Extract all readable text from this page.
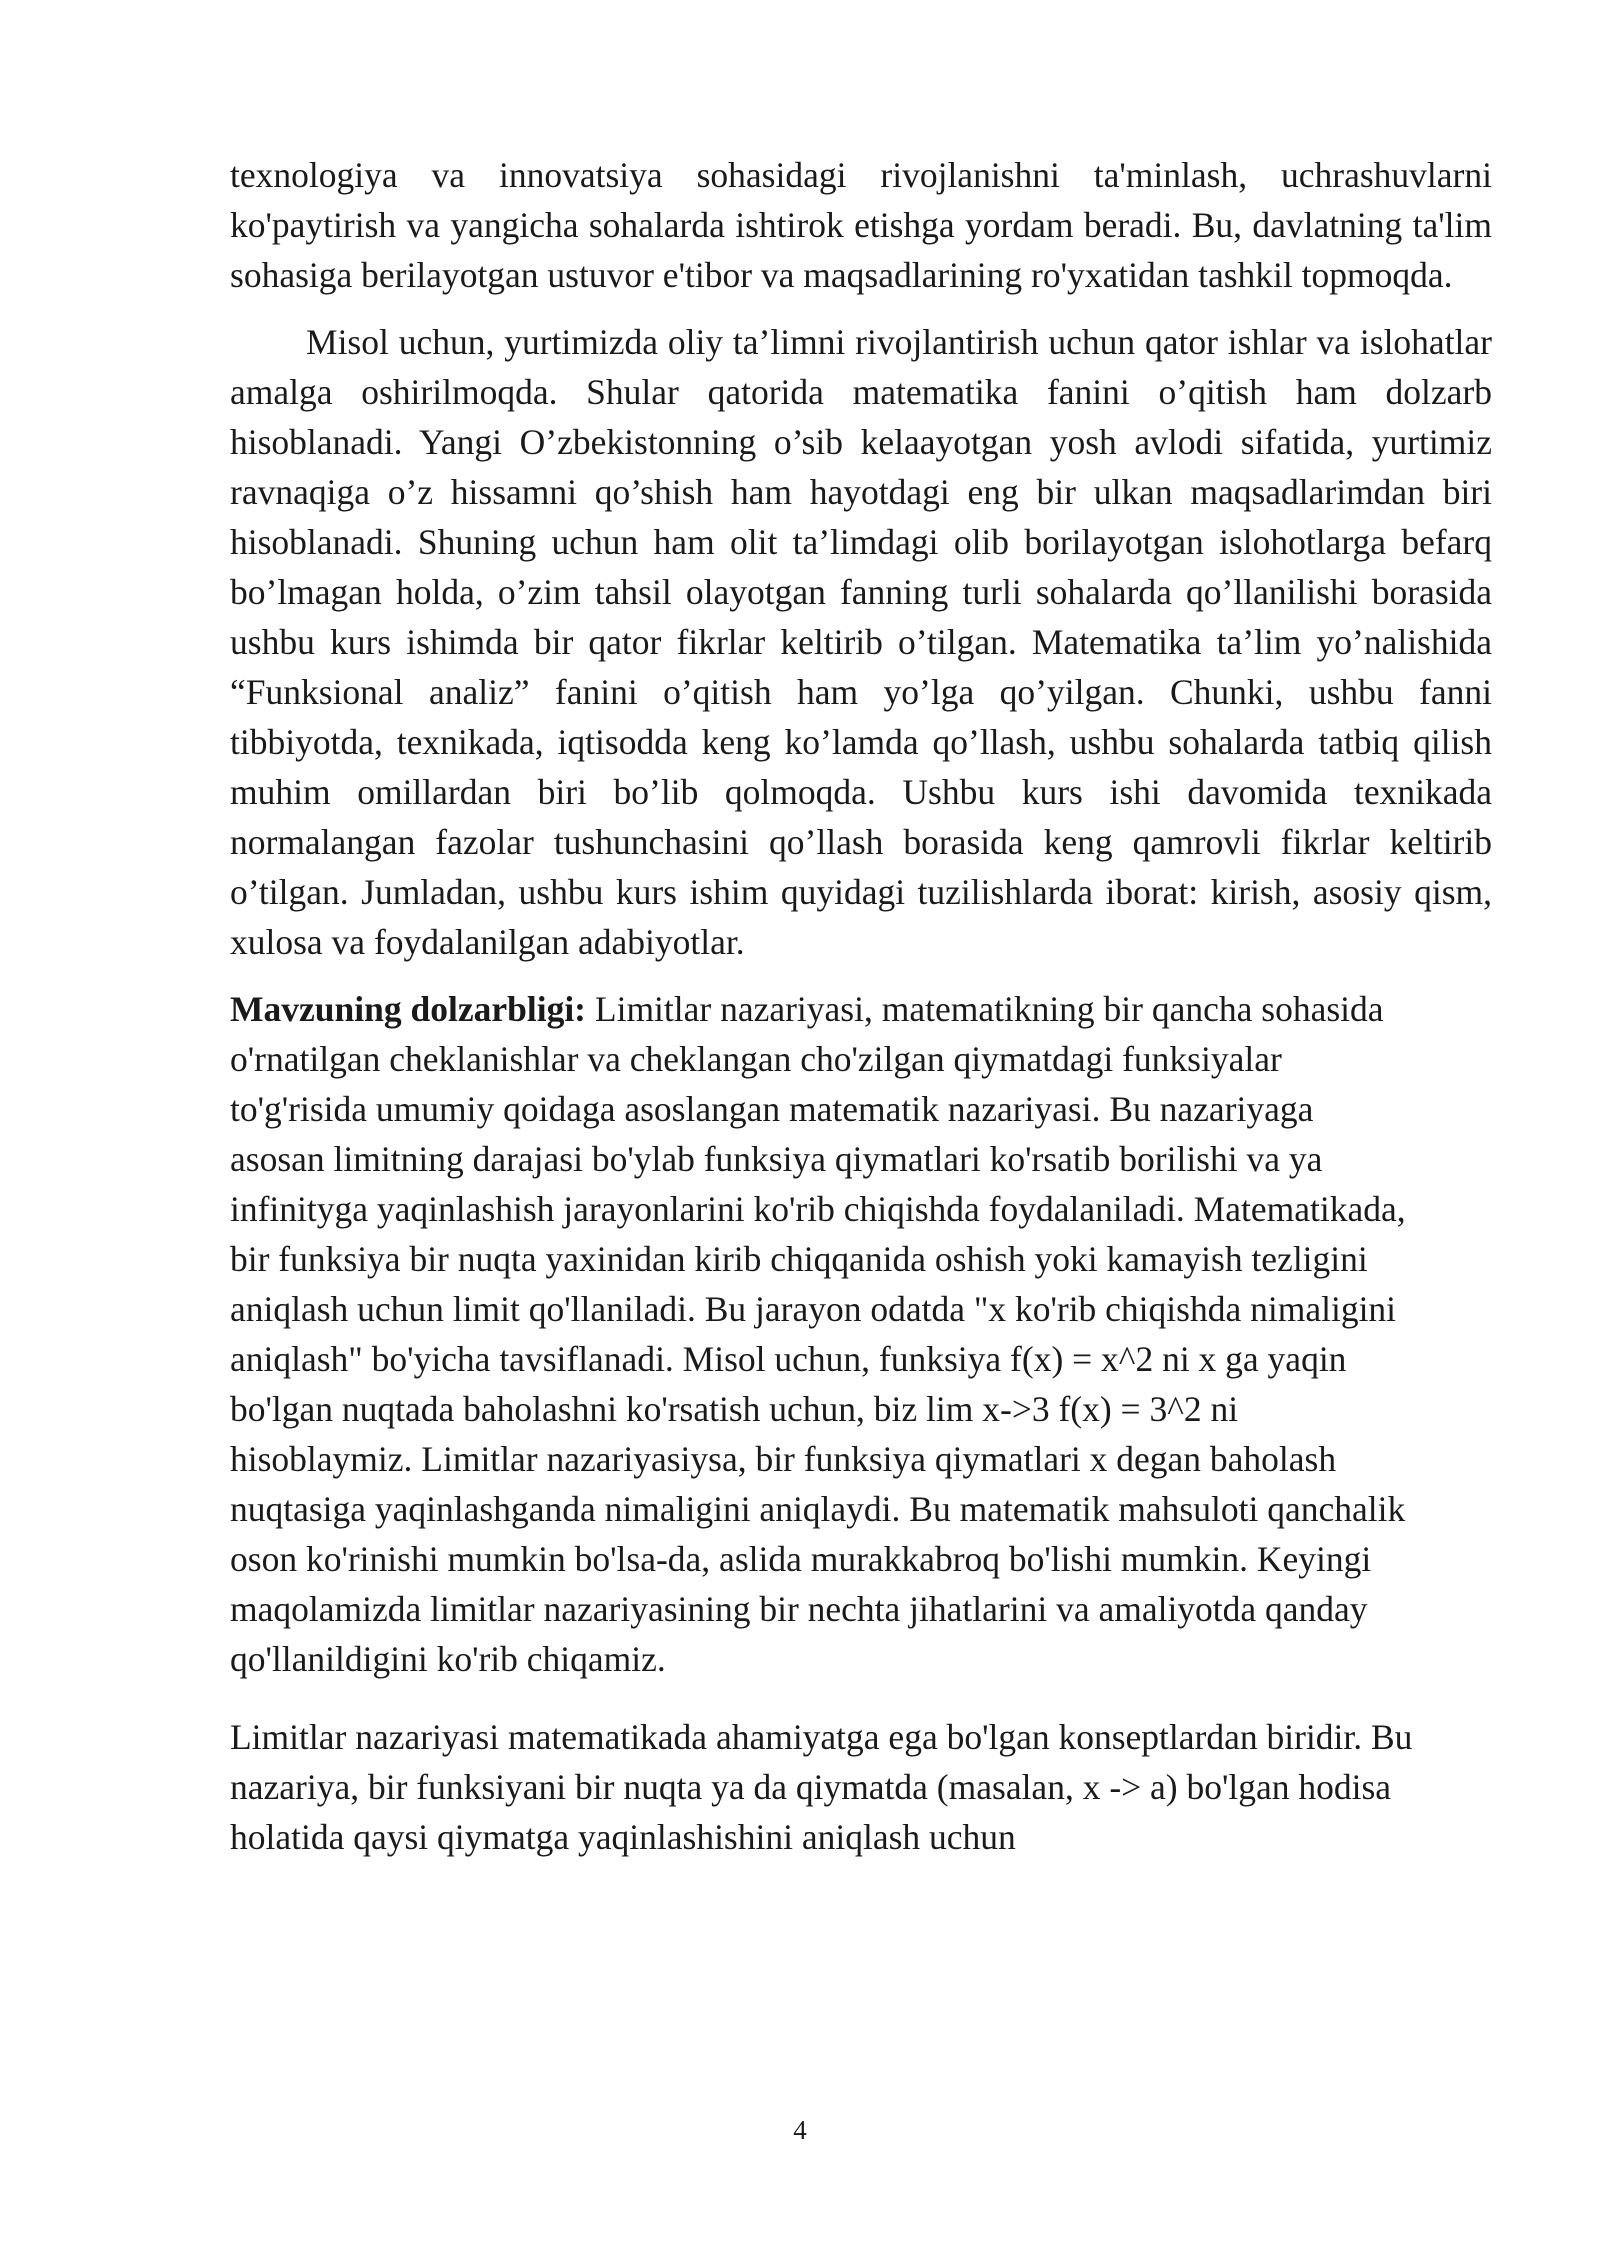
texnologiya va innovatsiya sohasidagi rivojlanishni ta'minlash, uchrashuvlarni ko'paytirish va yangicha sohalarda ishtirok etishga yordam beradi. Bu, davlatning ta'lim sohasiga berilayotgan ustuvor e'tibor va maqsadlarining ro'yxatidan tashkil topmoqda.

Misol uchun, yurtimizda oliy ta’limni rivojlantirish uchun qator ishlar va islohatlar amalga oshirilmoqda. Shular qatorida matematika fanini o’qitish ham dolzarb hisoblanadi. Yangi O’zbekistonning o’sib kelaayotgan yosh avlodi sifatida, yurtimiz ravnaqiga o’z hissamni qo’shish ham hayotdagi eng bir ulkan maqsadlarimdan biri hisoblanadi. Shuning uchun ham olit ta’limdagi olib borilayotgan islohotlarga befarq bo’lmagan holda, o’zim tahsil olayotgan fanning turli sohalarda qo’llanilishi borasida ushbu kurs ishimda bir qator fikrlar keltirib o’tilgan. Matematika ta’lim yo’nalishida “Funksional analiz” fanini o’qitish ham yo’lga qo’yilgan. Chunki, ushbu fanni tibbiyotda, texnikada, iqtisodda keng ko’lamda qo’llash, ushbu sohalarda tatbiq qilish muhim omillardan biri bo’lib qolmoqda. Ushbu kurs ishi davomida texnikada normalangan fazolar tushunchasini qo’llash borasida keng qamrovli fikrlar keltirib o’tilgan. Jumladan, ushbu kurs ishim quyidagi tuzilishlarda iborat: kirish, asosiy qism, xulosa va foydalanilgan adabiyotlar.

Mavzuning dolzarbligi: Limitlar nazariyasi, matematikning bir qancha sohasida
o'rnatilgan cheklanishlar va cheklangan cho'zilgan qiymatdagi funksiyalar
to'g'risida umumiy qoidaga asoslangan matematik nazariyasi. Bu nazariyaga
asosan limitning darajasi bo'ylab funksiya qiymatlari ko'rsatib borilishi va ya
infinityga yaqinlashish jarayonlarini ko'rib chiqishda foydalaniladi. Matematikada,
bir funksiya bir nuqta yaxinidan kirib chiqqanida oshish yoki kamayish tezligini
aniqlash uchun limit qo'llaniladi. Bu jarayon odatda "x ko'rib chiqishda nimaligini
aniqlash" bo'yicha tavsiflanadi. Misol uchun, funksiya f(x) = x^2 ni x ga yaqin
bo'lgan nuqtada baholashni ko'rsatish uchun, biz lim x->3 f(x) = 3^2 ni
hisoblaymiz. Limitlar nazariyasiysa, bir funksiya qiymatlari x degan baholash
nuqtasiga yaqinlashganda nimaligini aniqlaydi. Bu matematik mahsuloti qanchalik
oson ko'rinishi mumkin bo'lsa-da, aslida murakkabroq bo'lishi mumkin. Keyingi
maqolamizda limitlar nazariyasining bir nechta jihatlarini va amaliyotda qanday
qo'llanildigini ko'rib chiqamiz.

Limitlar nazariyasi matematikada ahamiyatga ega bo'lgan konseptlardan biridir. Bu
nazariya, bir funksiyani bir nuqta ya da qiymatda (masalan, x -> a) bo'lgan hodisa
holatida qaysi qiymatga yaqinlashishini aniqlash uchun

4
